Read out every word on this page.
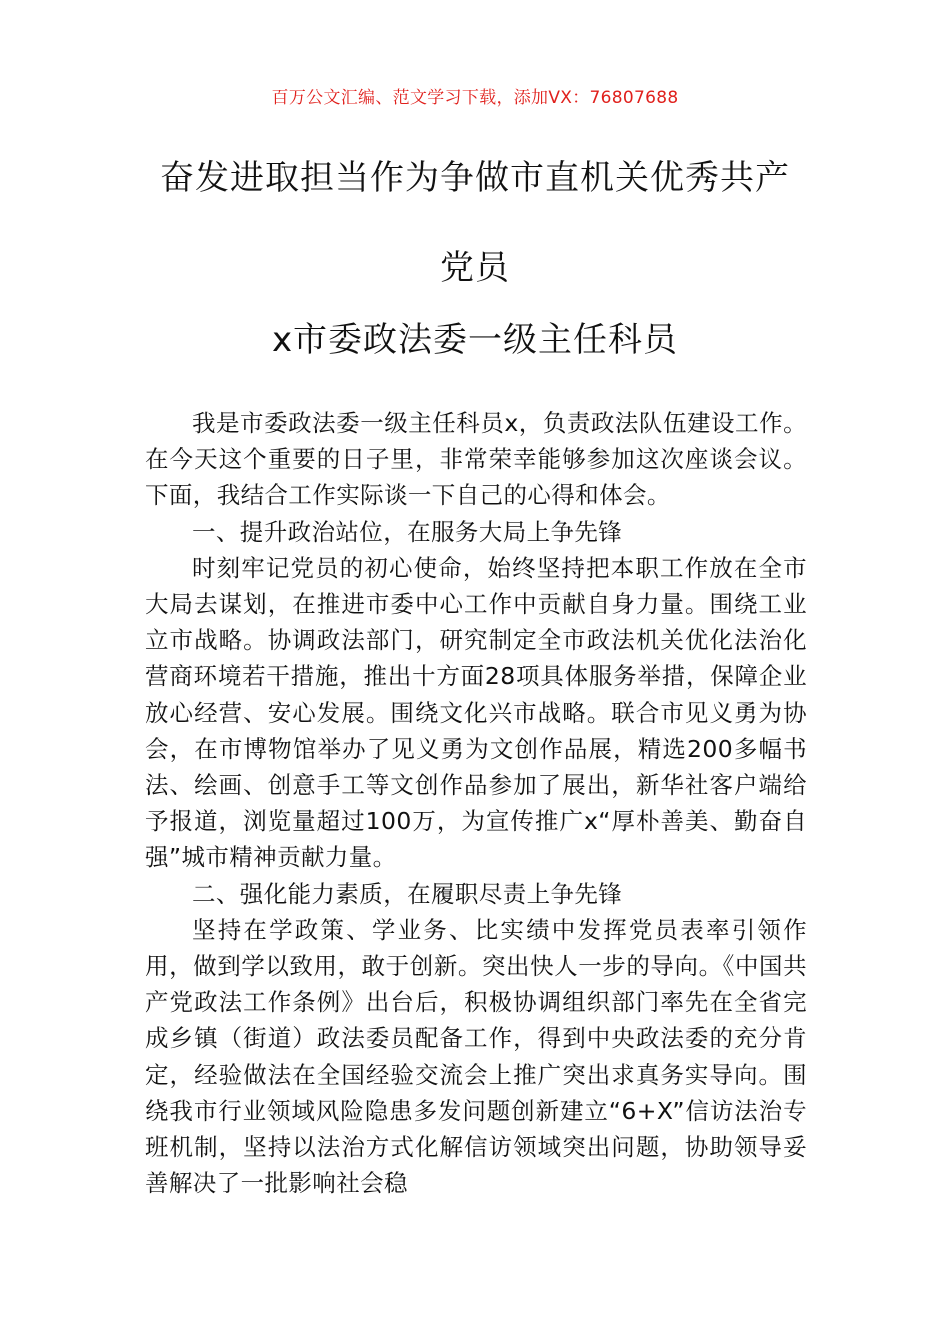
百万公文汇编、范文学习下载，添加VX：76807688
奋发进取担当作为争做市直机关优秀共产
党员
x市委政法委一级主任科员

我是市委政法委一级主任科员x，负责政法队伍建设工作。在今天这个重要的日子里，非常荣幸能够参加这次座谈会议。下面，我结合工作实际谈一下自己的心得和体会。

一、提升政治站位，在服务大局上争先锋

时刻牢记党员的初心使命，始终坚持把本职工作放在全市大局去谋划，在推进市委中心工作中贡献自身力量。围绕工业立市战略。协调政法部门，研究制定全市政法机关优化法治化营商环境若干措施，推出十方面28项具体服务举措，保障企业放心经营、安心发展。围绕文化兴市战略。联合市见义勇为协会，在市博物馆举办了见义勇为文创作品展，精选200多幅书法、绘画、创意手工等文创作品参加了展出，新华社客户端给予报道，浏览量超过100万，为宣传推广x“厚朴善美、勤奋自强”城市精神贡献力量。

二、强化能力素质，在履职尽责上争先锋

坚持在学政策、学业务、比实绩中发挥党员表率引领作用，做到学以致用，敢于创新。突出快人一步的导向。《中国共产党政法工作条例》出台后，积极协调组织部门率先在全省完成乡镇（街道）政法委员配备工作，得到中央政法委的充分肯定，经验做法在全国经验交流会上推广突出求真务实导向。围绕我市行业领域风险隐患多发问题创新建立“6+X”信访法治专班机制，坚持以法治方式化解信访领域突出问题，协助领导妥善解决了一批影响社会稳
